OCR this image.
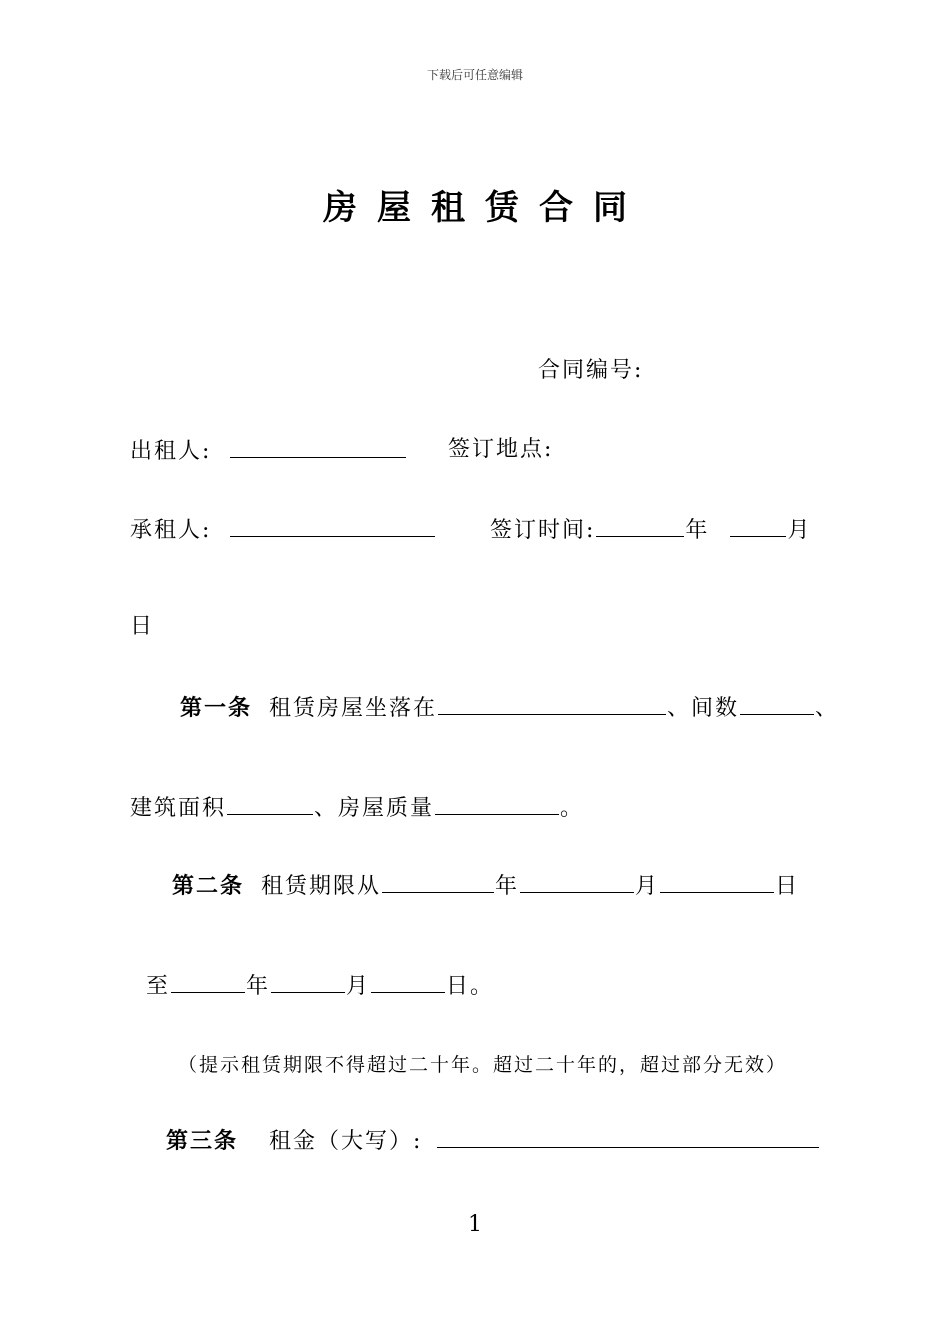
下载后可任意编辑
房屋租赁合同
合同编号:
出租人:	签订地点:
承租人:	签订时间:	年	月
日
第一条 租赁房屋坐落在	、间数	、
建筑面积	、房屋质量	。
第二条 租赁期限从	年	月	日
至	年	月	日。
（提示租赁期限不得超过二十年。超过二十年的，超过部分无效）
第三条 租金（大写）:
1
